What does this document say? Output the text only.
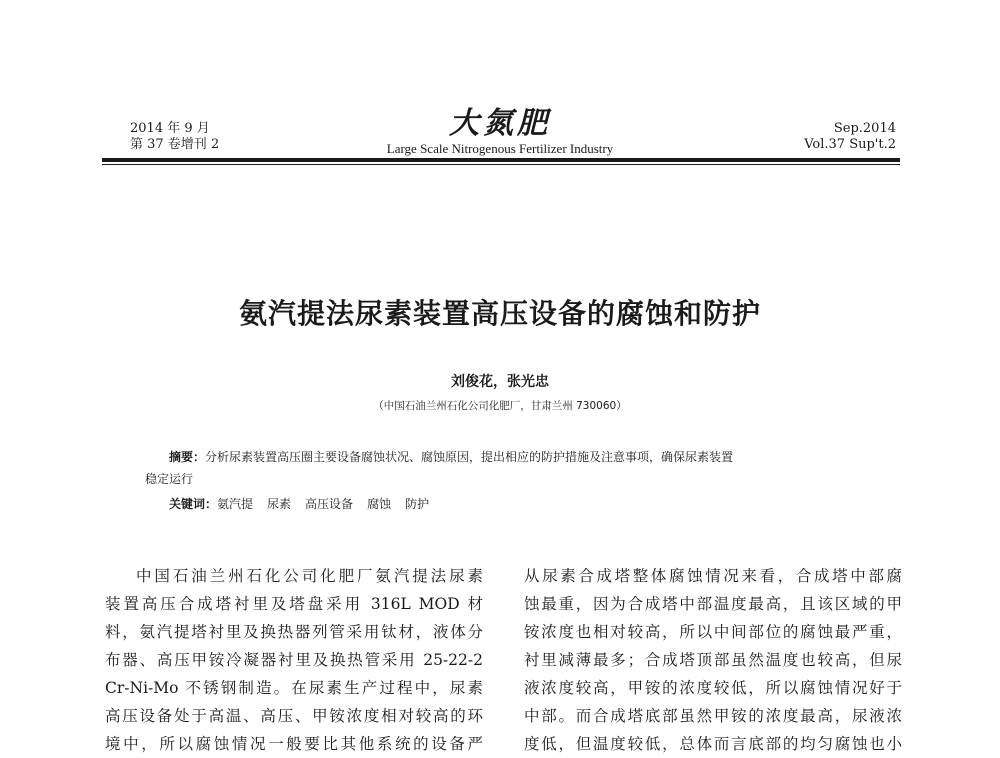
2014 年 9 月
第 37 卷增刊 2
大氮肥
Large Scale Nitrogenous Fertilizer Industry
Sep.2014
Vol.37 Sup't.2
氨汽提法尿素装置高压设备的腐蚀和防护
刘俊花，张光忠
（中国石油兰州石化公司化肥厂，甘肃兰州 730060）
摘要：分析尿素装置高压圈主要设备腐蚀状况、腐蚀原因，提出相应的防护措施及注意事项，确保尿素装置
稳定运行
关键词：氨汽提 尿素 高压设备 腐蚀 防护
中国石油兰州石化公司化肥厂氨汽提法尿素
装置高压合成塔衬里及塔盘采用 316L MOD 材
料，氨汽提塔衬里及换热器列管采用钛材，液体分
布器、高压甲铵冷凝器衬里及换热管采用 25-22-2
Cr-Ni-Mo 不锈钢制造。在尿素生产过程中，尿素
高压设备处于高温、高压、甲铵浓度相对较高的环
境中，所以腐蚀情况一般要比其他系统的设备严
从尿素合成塔整体腐蚀情况来看，合成塔中部腐
蚀最重，因为合成塔中部温度最高，且该区域的甲
铵浓度也相对较高，所以中间部位的腐蚀最严重，
衬里减薄最多；合成塔顶部虽然温度也较高，但尿
液浓度较高，甲铵的浓度较低，所以腐蚀情况好于
中部。而合成塔底部虽然甲铵的浓度最高，尿液浓
度低，但温度较低，总体而言底部的均匀腐蚀也小
